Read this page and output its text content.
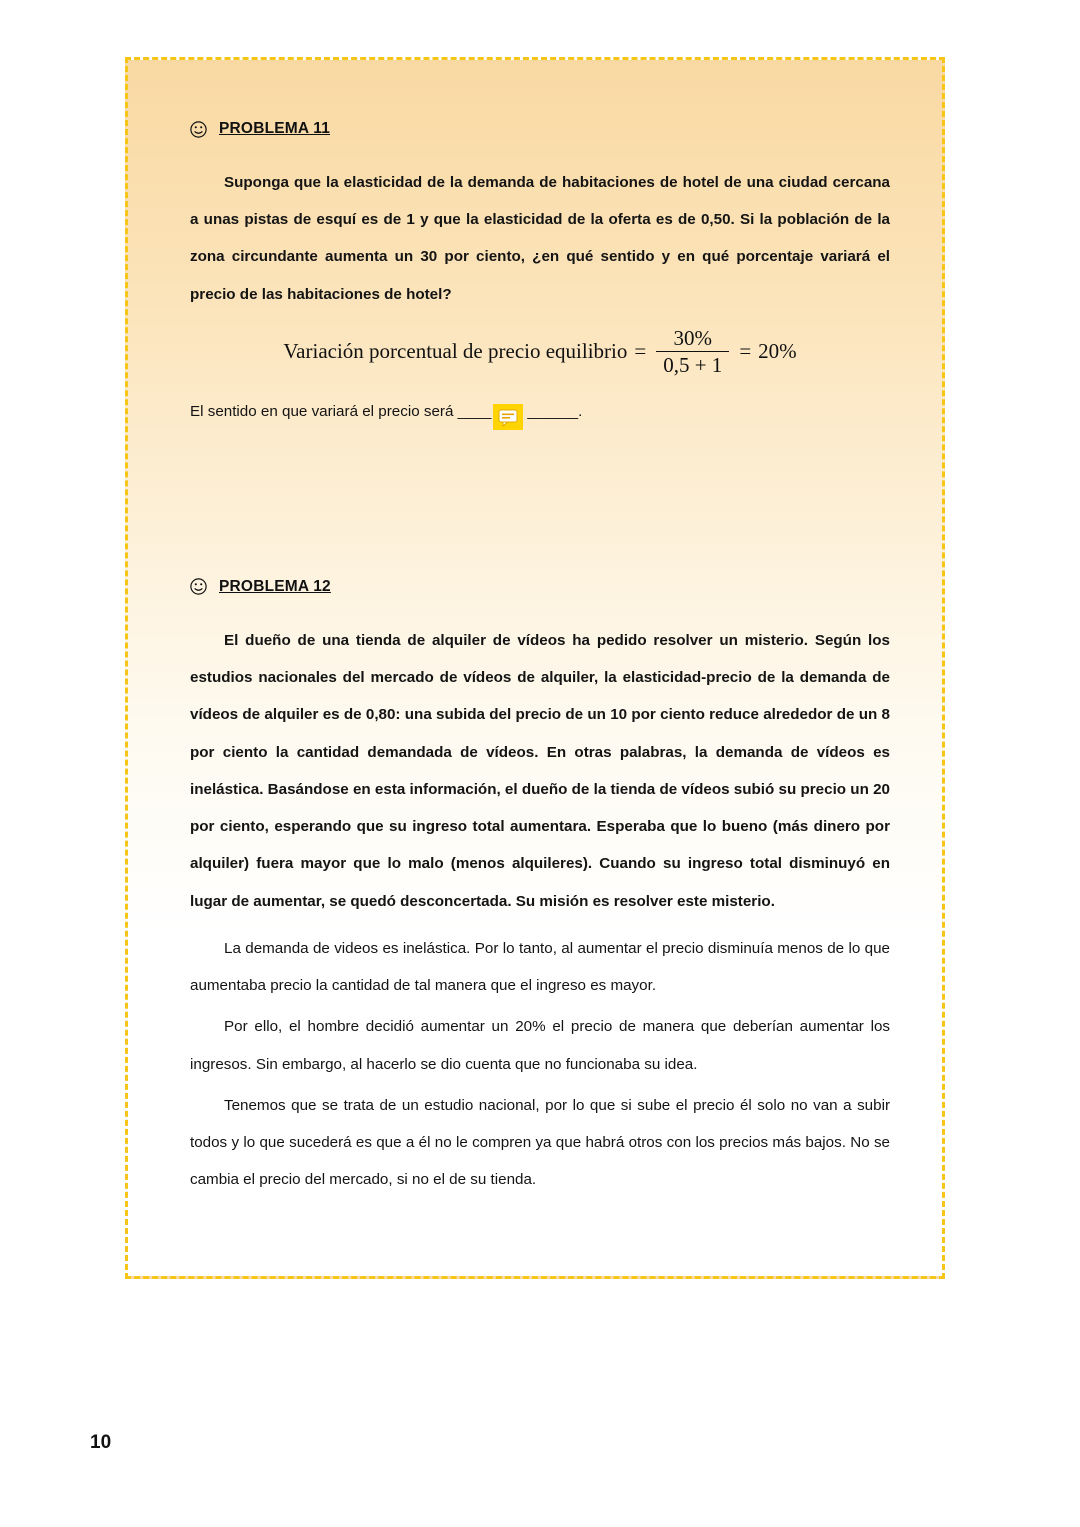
PROBLEMA 11

Suponga que la elasticidad de la demanda de habitaciones de hotel de una ciudad cercana a unas pistas de esquí es de 1 y que la elasticidad de la oferta es de 0,50. Si la población de la zona circundante aumenta un 30 por ciento, ¿en qué sentido y en qué porcentaje variará el precio de las habitaciones de hotel?

Variación porcentual de precio equilibrio = $\frac{30\%}{0,5 + 1} = 20\%$
El sentido en que variará el precio será ____ ______.
PROBLEMA 12

El dueño de una tienda de alquiler de vídeos ha pedido resolver un misterio. Según los estudios nacionales del mercado de vídeos de alquiler, la elasticidad-precio de la demanda de vídeos de alquiler es de 0,80: una subida del precio de un 10 por ciento reduce alrededor de un 8 por ciento la cantidad demandada de vídeos. En otras palabras, la demanda de vídeos es inelástica. Basándose en esta información, el dueño de la tienda de vídeos subió su precio un 20 por ciento, esperando que su ingreso total aumentara. Esperaba que lo bueno (más dinero por alquiler) fuera mayor que lo malo (menos alquileres). Cuando su ingreso total disminuyó en lugar de aumentar, se quedó desconcertada. Su misión es resolver este misterio.

La demanda de videos es inelástica. Por lo tanto, al aumentar el precio disminuía menos de lo que aumentaba precio la cantidad de tal manera que el ingreso es mayor.

Por ello, el hombre decidió aumentar un 20% el precio de manera que deberían aumentar los ingresos. Sin embargo, al hacerlo se dio cuenta que no funcionaba su idea.

Tenemos que se trata de un estudio nacional, por lo que si sube el precio él solo no van a subir todos y lo que sucederá es que a él no le compren ya que habrá otros con los precios más bajos. No se cambia el precio del mercado, si no el de su tienda.

10
